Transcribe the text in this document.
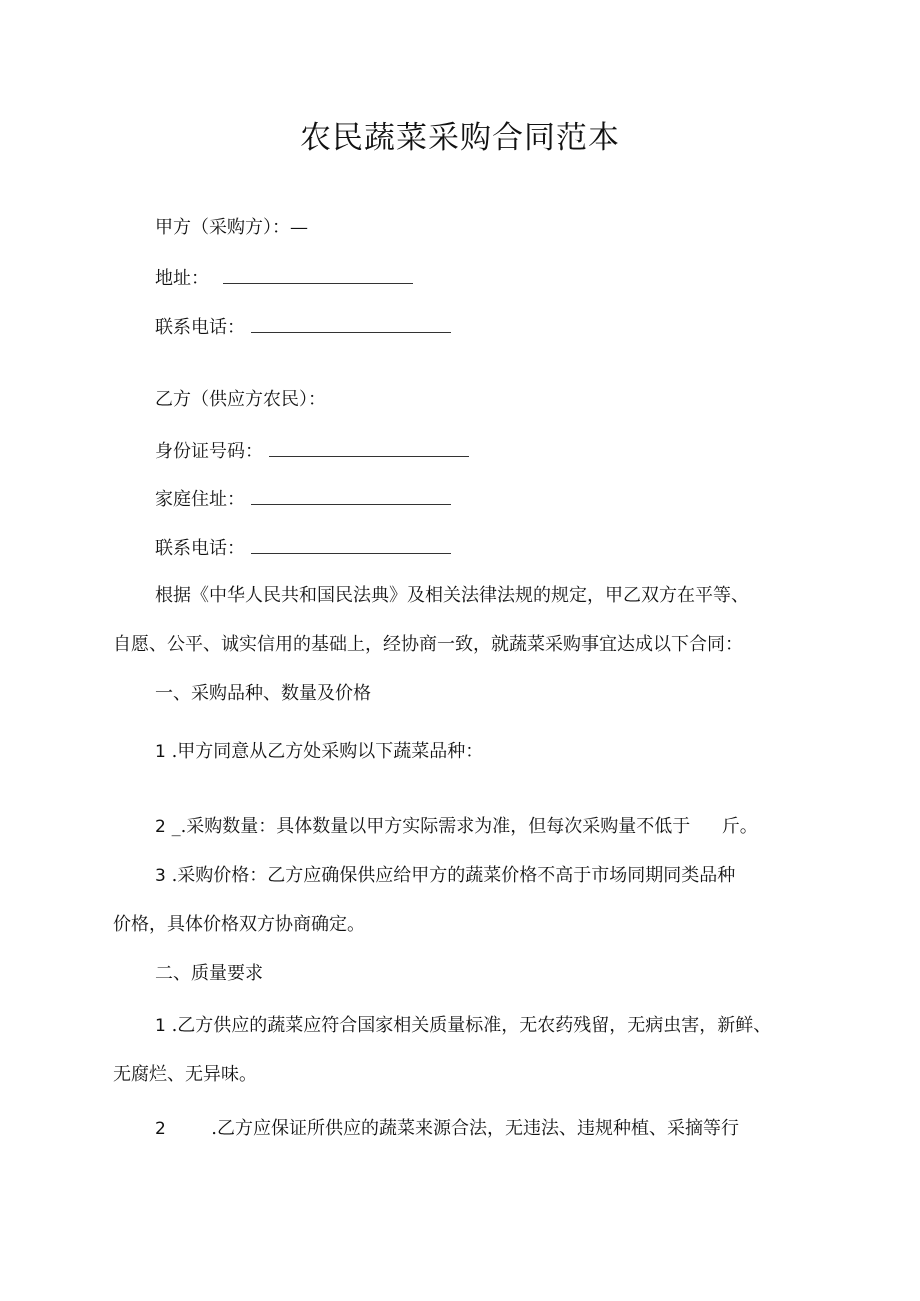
农民蔬菜采购合同范本
甲方（采购方）：—
地址：
联系电话：
乙方（供应方农民）：
身份证号码：
家庭住址：
联系电话：
根据《中华人民共和国民法典》及相关法律法规的规定，甲乙双方在平等、
自愿、公平、诚实信用的基础上，经协商一致，就蔬菜采购事宜达成以下合同：
一、采购品种、数量及价格
1 .甲方同意从乙方处采购以下蔬菜品种：
2 _.采购数量：具体数量以甲方实际需求为准，但每次采购量不低于 斤。
3 .采购价格：乙方应确保供应给甲方的蔬菜价格不高于市场同期同类品种
价格，具体价格双方协商确定。
二、质量要求
1 .乙方供应的蔬菜应符合国家相关质量标准，无农药残留，无病虫害，新鲜、
无腐烂、无异味。
2	.乙方应保证所供应的蔬菜来源合法，无违法、违规种植、采摘等行
